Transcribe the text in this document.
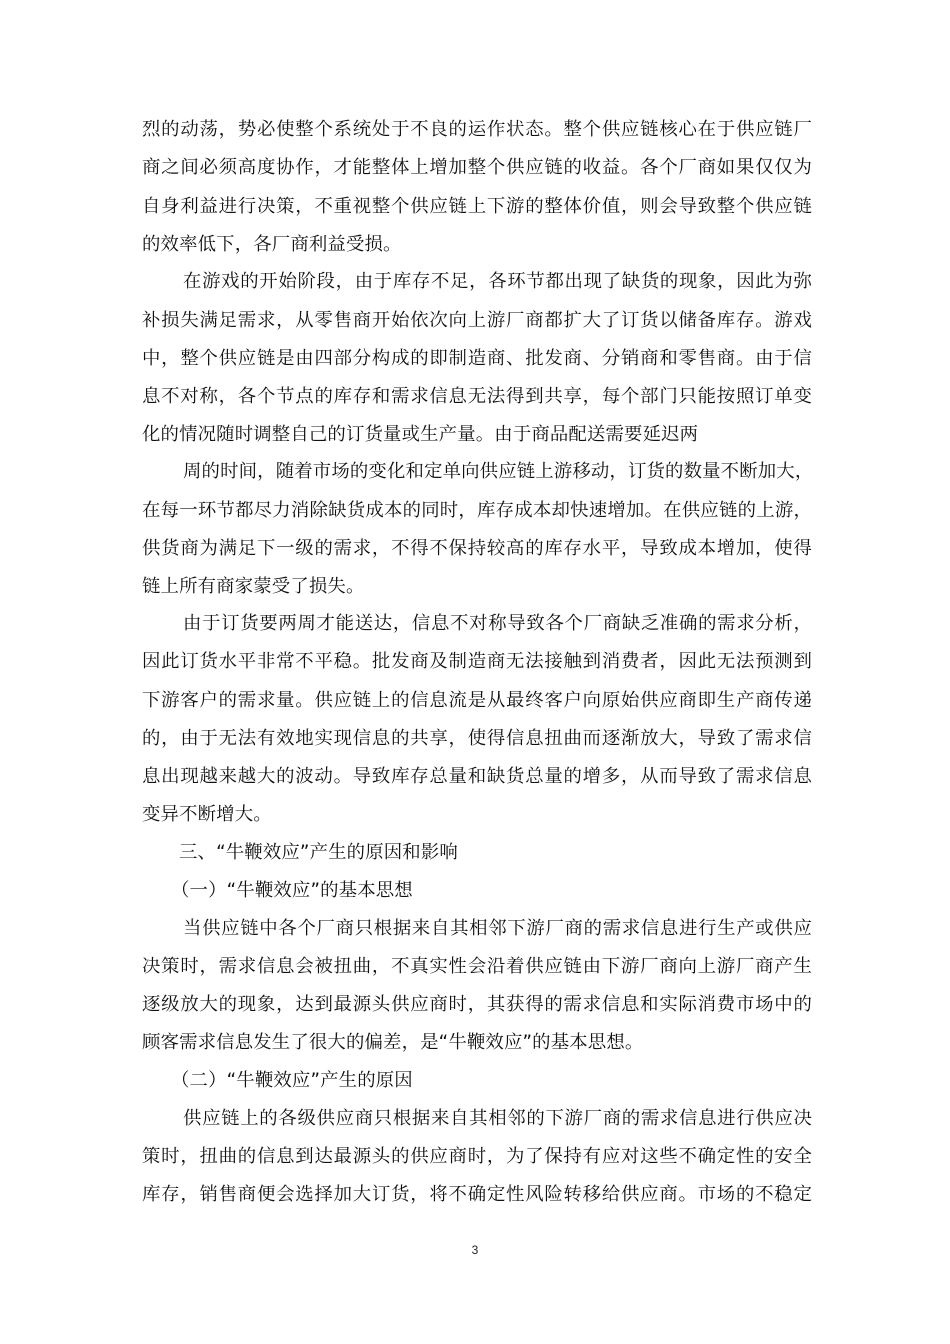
烈的动荡，势必使整个系统处于不良的运作状态。整个供应链核心在于供应链厂
商之间必须高度协作，才能整体上增加整个供应链的收益。各个厂商如果仅仅为
自身利益进行决策，不重视整个供应链上下游的整体价值，则会导致整个供应链
的效率低下，各厂商利益受损。
在游戏的开始阶段，由于库存不足，各环节都出现了缺货的现象，因此为弥
补损失满足需求，从零售商开始依次向上游厂商都扩大了订货以储备库存。游戏
中，整个供应链是由四部分构成的即制造商、批发商、分销商和零售商。由于信
息不对称，各个节点的库存和需求信息无法得到共享，每个部门只能按照订单变
化的情况随时调整自己的订货量或生产量。由于商品配送需要延迟两
周的时间，随着市场的变化和定单向供应链上游移动，订货的数量不断加大，
在每一环节都尽力消除缺货成本的同时，库存成本却快速增加。在供应链的上游，
供货商为满足下一级的需求，不得不保持较高的库存水平，导致成本增加，使得
链上所有商家蒙受了损失。
由于订货要两周才能送达，信息不对称导致各个厂商缺乏准确的需求分析，
因此订货水平非常不平稳。批发商及制造商无法接触到消费者，因此无法预测到
下游客户的需求量。供应链上的信息流是从最终客户向原始供应商即生产商传递
的，由于无法有效地实现信息的共享，使得信息扭曲而逐渐放大，导致了需求信
息出现越来越大的波动。导致库存总量和缺货总量的增多，从而导致了需求信息
变异不断增大。
三、“牛鞭效应”产生的原因和影响
（一）“牛鞭效应”的基本思想
当供应链中各个厂商只根据来自其相邻下游厂商的需求信息进行生产或供应
决策时，需求信息会被扭曲，不真实性会沿着供应链由下游厂商向上游厂商产生
逐级放大的现象，达到最源头供应商时，其获得的需求信息和实际消费市场中的
顾客需求信息发生了很大的偏差，是“牛鞭效应”的基本思想。
（二）“牛鞭效应”产生的原因
供应链上的各级供应商只根据来自其相邻的下游厂商的需求信息进行供应决
策时，扭曲的信息到达最源头的供应商时，为了保持有应对这些不确定性的安全
库存，销售商便会选择加大订货，将不确定性风险转移给供应商。市场的不稳定
3
